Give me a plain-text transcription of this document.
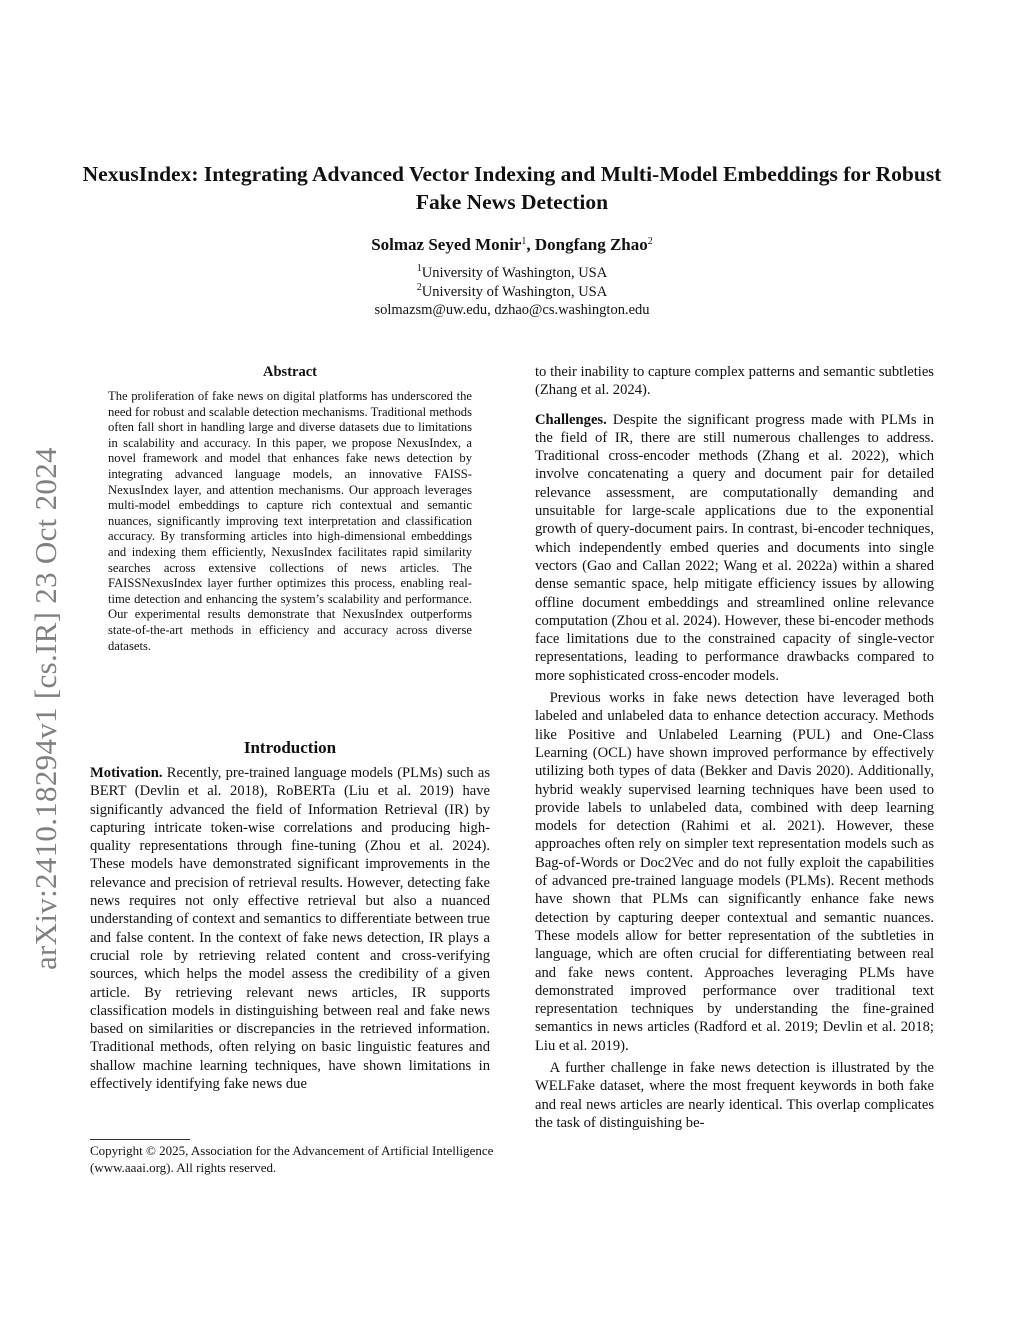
NexusIndex: Integrating Advanced Vector Indexing and Multi-Model Embeddings for Robust Fake News Detection
Solmaz Seyed Monir$^1$, Dongfang Zhao$^2$
$^1$University of Washington, USA
$^2$University of Washington, USA
solmazsm@uw.edu, dzhao@cs.washington.edu
arXiv:2410.18294v1 [cs.IR] 23 Oct 2024
Abstract

The proliferation of fake news on digital platforms has underscored the need for robust and scalable detection mechanisms. Traditional methods often fall short in handling large and diverse datasets due to limitations in scalability and accuracy. In this paper, we propose NexusIndex, a novel framework and model that enhances fake news detection by integrating advanced language models, an innovative FAISS-NexusIndex layer, and attention mechanisms. Our approach leverages multi-model embeddings to capture rich contextual and semantic nuances, significantly improving text interpretation and classification accuracy. By transforming articles into high-dimensional embeddings and indexing them efficiently, NexusIndex facilitates rapid similarity searches across extensive collections of news articles. The FAISSNexusIndex layer further optimizes this process, enabling real-time detection and enhancing the system’s scalability and performance. Our experimental results demonstrate that NexusIndex outperforms state-of-the-art methods in efficiency and accuracy across diverse datasets.

Introduction

Motivation. Recently, pre-trained language models (PLMs) such as BERT (Devlin et al. 2018), RoBERTa (Liu et al. 2019) have significantly advanced the field of Information Retrieval (IR) by capturing intricate token-wise correlations and producing high-quality representations through fine-tuning (Zhou et al. 2024). These models have demonstrated significant improvements in the relevance and precision of retrieval results. However, detecting fake news requires not only effective retrieval but also a nuanced understanding of context and semantics to differentiate between true and false content. In the context of fake news detection, IR plays a crucial role by retrieving related content and cross-verifying sources, which helps the model assess the credibility of a given article. By retrieving relevant news articles, IR supports classification models in distinguishing between real and fake news based on similarities or discrepancies in the retrieved information. Traditional methods, often relying on basic linguistic features and shallow machine learning techniques, have shown limitations in effectively identifying fake news due

Copyright © 2025, Association for the Advancement of Artificial Intelligence (www.aaai.org). All rights reserved.

to their inability to capture complex patterns and semantic subtleties (Zhang et al. 2024).

Challenges. Despite the significant progress made with PLMs in the field of IR, there are still numerous challenges to address. Traditional cross-encoder methods (Zhang et al. 2022), which involve concatenating a query and document pair for detailed relevance assessment, are computationally demanding and unsuitable for large-scale applications due to the exponential growth of query-document pairs. In contrast, bi-encoder techniques, which independently embed queries and documents into single vectors (Gao and Callan 2022; Wang et al. 2022a) within a shared dense semantic space, help mitigate efficiency issues by allowing offline document embeddings and streamlined online relevance computation (Zhou et al. 2024). However, these bi-encoder methods face limitations due to the constrained capacity of single-vector representations, leading to performance drawbacks compared to more sophisticated cross-encoder models.

Previous works in fake news detection have leveraged both labeled and unlabeled data to enhance detection accuracy. Methods like Positive and Unlabeled Learning (PUL) and One-Class Learning (OCL) have shown improved performance by effectively utilizing both types of data (Bekker and Davis 2020). Additionally, hybrid weakly supervised learning techniques have been used to provide labels to unlabeled data, combined with deep learning models for detection (Rahimi et al. 2021). However, these approaches often rely on simpler text representation models such as Bag-of-Words or Doc2Vec and do not fully exploit the capabilities of advanced pre-trained language models (PLMs). Recent methods have shown that PLMs can significantly enhance fake news detection by capturing deeper contextual and semantic nuances. These models allow for better representation of the subtleties in language, which are often crucial for differentiating between real and fake news content. Approaches leveraging PLMs have demonstrated improved performance over traditional text representation techniques by understanding the fine-grained semantics in news articles (Radford et al. 2019; Devlin et al. 2018; Liu et al. 2019).

A further challenge in fake news detection is illustrated by the WELFake dataset, where the most frequent keywords in both fake and real news articles are nearly identical. This overlap complicates the task of distinguishing be-
